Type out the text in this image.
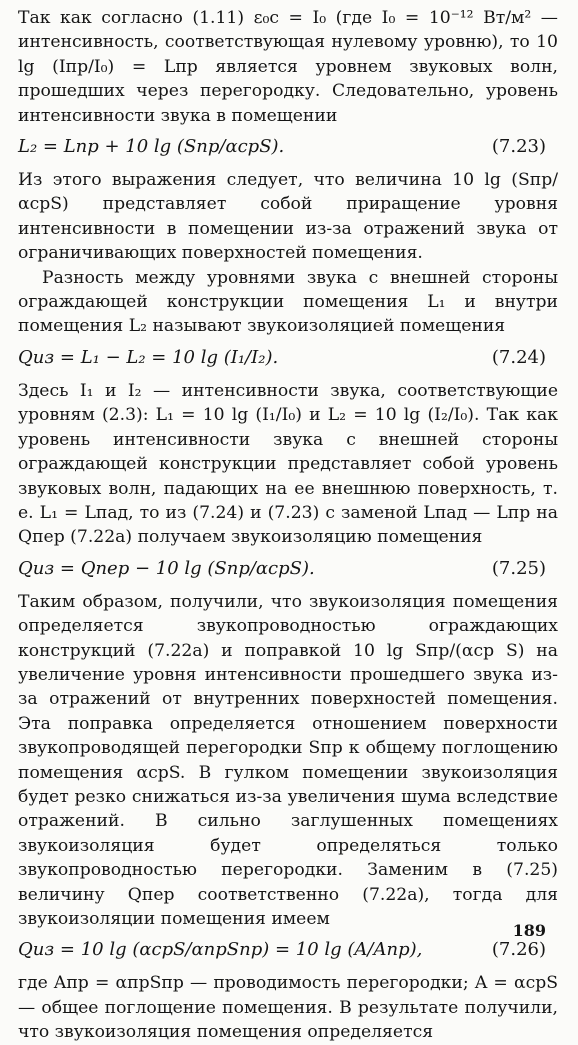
Так как согласно (1.11) ε₀c = I₀ (где I₀ = 10⁻¹² Вт/м² — интенсивность, соответствующая нулевому уровню), то 10 lg (Iпр/I₀) = Lпр является уровнем звуковых волн, прошедших через перегородку. Следовательно, уровень интенсивности звука в помещении

L₂ = Lпр + 10 lg (Sпр/αсрS).	(7.23)

Из этого выражения следует, что величина 10 lg (Sпр/αсрS) представляет собой приращение уровня интенсивности в помещении из-за отражений звука от ограничивающих поверхностей помещения.

Разность между уровнями звука с внешней стороны ограждающей конструкции помещения L₁ и внутри помещения L₂ называют звукоизоляцией помещения

Qиз = L₁ − L₂ = 10 lg (I₁/I₂).	(7.24)

Здесь I₁ и I₂ — интенсивности звука, соответствующие уровням (2.3): L₁ = 10 lg (I₁/I₀) и L₂ = 10 lg (I₂/I₀). Так как уровень интенсивности звука с внешней стороны ограждающей конструкции представляет собой уровень звуковых волн, падающих на ее внешнюю поверхность, т. е. L₁ = Lпад, то из (7.24) и (7.23) с заменой Lпад — Lпр на Qпер (7.22а) получаем звукоизоляцию помещения

Qиз = Qпер − 10 lg (Sпр/αсрS).	(7.25)

Таким образом, получили, что звукоизоляция помещения определяется звукопроводностью ограждающих конструкций (7.22а) и поправкой 10 lg Sпр/(αср S) на увеличение уровня интенсивности прошедшего звука из-за отражений от внутренних поверхностей помещения. Эта поправка определяется отношением поверхности звукопроводящей перегородки Sпр к общему поглощению помещения αсрS. В гулком помещении звукоизоляция будет резко снижаться из-за увеличения шума вследствие отражений. В сильно заглушенных помещениях звукоизоляция будет определяться только звукопроводностью перегородки. Заменим в (7.25) величину Qпер соответственно (7.22а), тогда для звукоизоляции помещения имеем

Qиз = 10 lg (αсрS/αпрSпр) = 10 lg (A/Aпр),	(7.26)

где Aпр = αпрSпр — проводимость перегородки; A = αсрS — общее поглощение помещения. В результате получили, что звукоизоляция помещения определяется

189
